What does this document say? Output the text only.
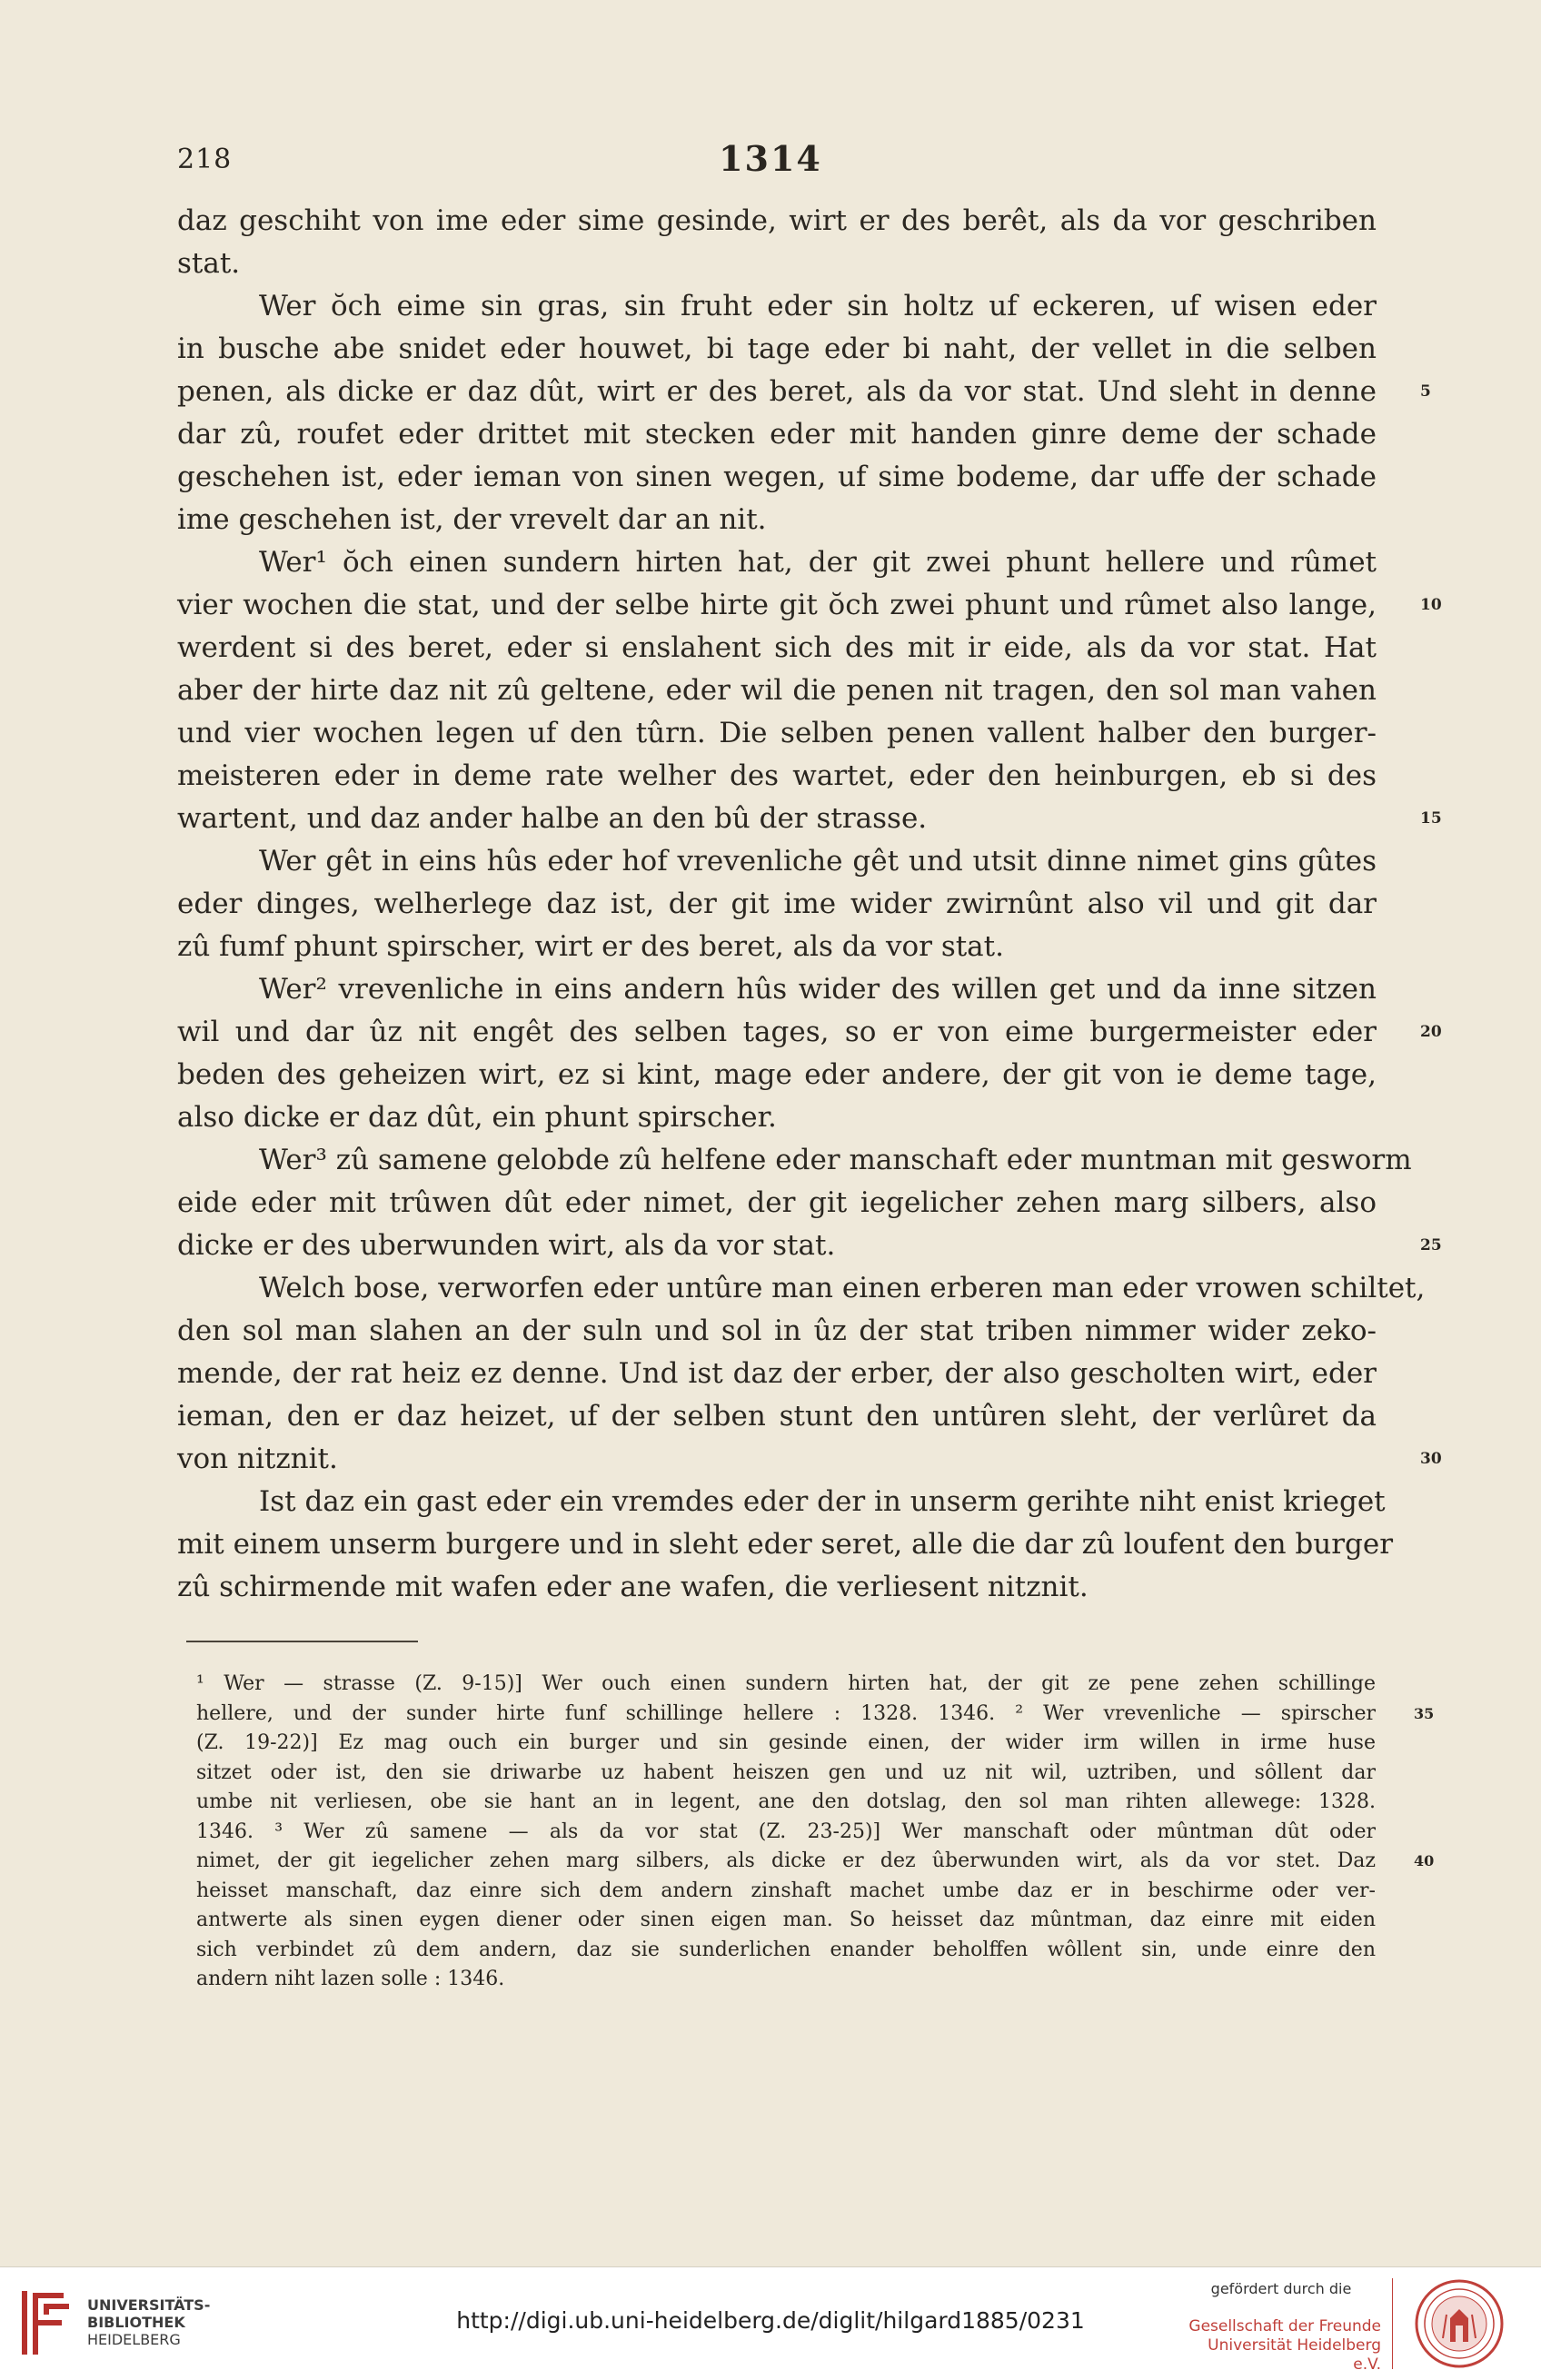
218	1314
daz geschiht von ime eder sime gesinde, wirt er des berêt, als da vor geschriben
stat.
Wer ŏch eime sin gras, sin fruht eder sin holtz uf eckeren, uf wisen eder
in busche abe snidet eder houwet, bi tage eder bi naht, der vellet in die selben
penen, als dicke er daz dût, wirt er des beret, als da vor stat. Und sleht in denne	5
dar zû, roufet eder drittet mit stecken eder mit handen ginre deme der schade
geschehen ist, eder ieman von sinen wegen, uf sime bodeme, dar uffe der schade
ime geschehen ist, der vrevelt dar an nit.
Wer¹ ŏch einen sundern hirten hat, der git zwei phunt hellere und rûmet
vier wochen die stat, und der selbe hirte git ŏch zwei phunt und rûmet also lange,	10
werdent si des beret, eder si enslahent sich des mit ir eide, als da vor stat. Hat
aber der hirte daz nit zû geltene, eder wil die penen nit tragen, den sol man vahen
und vier wochen legen uf den tûrn. Die selben penen vallent halber den burger-
meisteren eder in deme rate welher des wartet, eder den heinburgen, eb si des
wartent, und daz ander halbe an den bû der strasse.	15
Wer gêt in eins hûs eder hof vrevenliche gêt und utsit dinne nimet gins gûtes
eder dinges, welherlege daz ist, der git ime wider zwirnûnt also vil und git dar
zû fumf phunt spirscher, wirt er des beret, als da vor stat.
Wer² vrevenliche in eins andern hûs wider des willen get und da inne sitzen
wil und dar ûz nit engêt des selben tages, so er von eime burgermeister eder	20
beden des geheizen wirt, ez si kint, mage eder andere, der git von ie deme tage,
also dicke er daz dût, ein phunt spirscher.
Wer³ zû samene gelobde zû helfene eder manschaft eder muntman mit gesworm
eide eder mit trûwen dût eder nimet, der git iegelicher zehen marg silbers, also
dicke er des uberwunden wirt, als da vor stat.	25
Welch bose, verworfen eder untûre man einen erberen man eder vrowen schiltet,
den sol man slahen an der suln und sol in ûz der stat triben nimmer wider zeko-
mende, der rat heiz ez denne. Und ist daz der erber, der also gescholten wirt, eder
ieman, den er daz heizet, uf der selben stunt den untûren sleht, der verlûret da
von nitznit.	30
Ist daz ein gast eder ein vremdes eder der in unserm gerihte niht enist krieget
mit einem unserm burgere und in sleht eder seret, alle die dar zû loufent den burger
zû schirmende mit wafen eder ane wafen, die verliesent nitznit.
¹ Wer — strasse (Z. 9-15)] Wer ouch einen sundern hirten hat, der git ze pene zehen schillinge
hellere, und der sunder hirte funf schillinge hellere : 1328. 1346. ² Wer vrevenliche — spirscher	35
(Z. 19-22)] Ez mag ouch ein burger und sin gesinde einen, der wider irm willen in irme huse
sitzet oder ist, den sie driwarbe uz habent heiszen gen und uz nit wil, uztriben, und sôllent dar
umbe nit verliesen, obe sie hant an in legent, ane den dotslag, den sol man rihten allewege: 1328.
1346. ³ Wer zû samene — als da vor stat (Z. 23-25)] Wer manschaft oder mûntman dût oder
nimet, der git iegelicher zehen marg silbers, als dicke er dez ûberwunden wirt, als da vor stet. Daz	40
heisset manschaft, daz einre sich dem andern zinshaft machet umbe daz er in beschirme oder ver-
antwerte als sinen eygen diener oder sinen eigen man. So heisset daz mûntman, daz einre mit eiden
sich verbindet zû dem andern, daz sie sunderlichen enander beholffen wôllent sin, unde einre den
andern niht lazen solle : 1346.
UNIVERSITÄTS-
BIBLIOTHEK
HEIDELBERG
http://digi.ub.uni-heidelberg.de/diglit/hilgard1885/0231
gefördert durch die
Gesellschaft der Freunde
Universität Heidelberg e.V.
